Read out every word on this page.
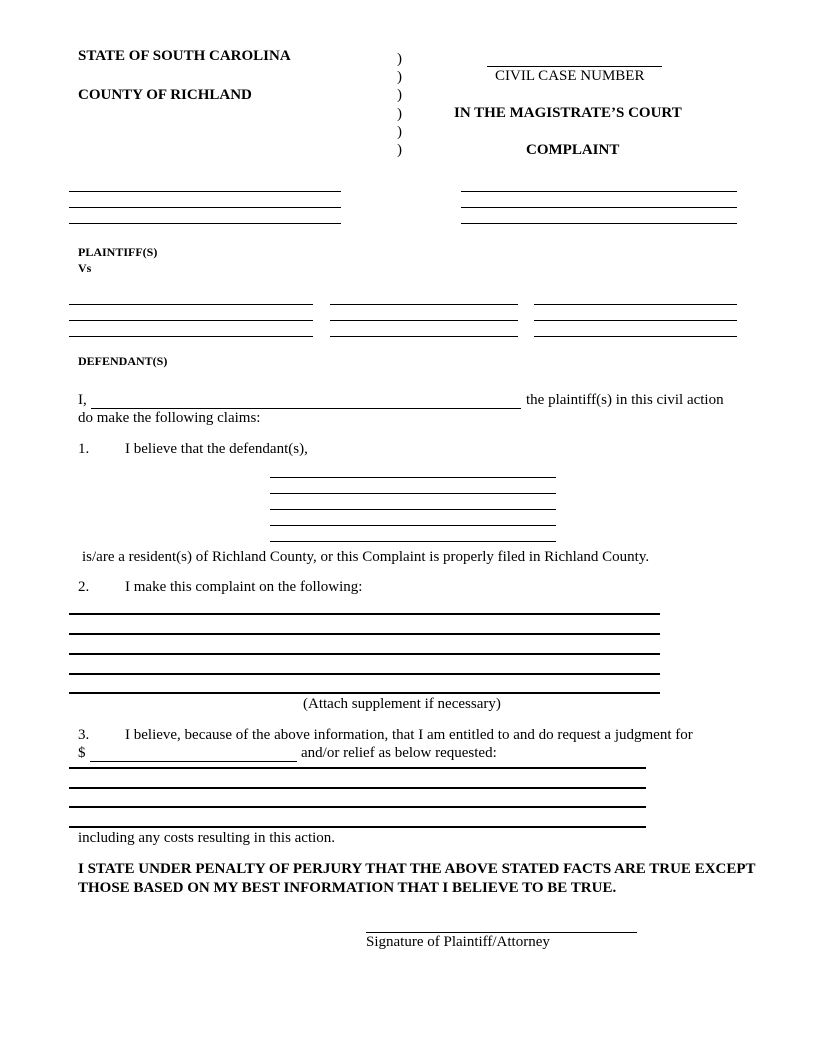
STATE OF SOUTH CAROLINA
COUNTY OF RICHLAND
)
)
)
)
)
)
CIVIL CASE NUMBER
IN THE MAGISTRATE’S COURT
COMPLAINT
PLAINTIFF(S)
Vs
DEFENDANT(S)
I,	the plaintiff(s) in this civil action
do make the following claims:
1. I believe that the defendant(s),
is/are a resident(s) of Richland County, or this Complaint is properly filed in Richland County.
2. I make this complaint on the following:
(Attach supplement if necessary)
3. I believe, because of the above information, that I am entitled to and do request a judgment for
$	and/or relief as below requested:
including any costs resulting in this action.
I STATE UNDER PENALTY OF PERJURY THAT THE ABOVE STATED FACTS ARE TRUE EXCEPT THOSE BASED ON MY BEST INFORMATION THAT I BELIEVE TO BE TRUE.
Signature of Plaintiff/Attorney
